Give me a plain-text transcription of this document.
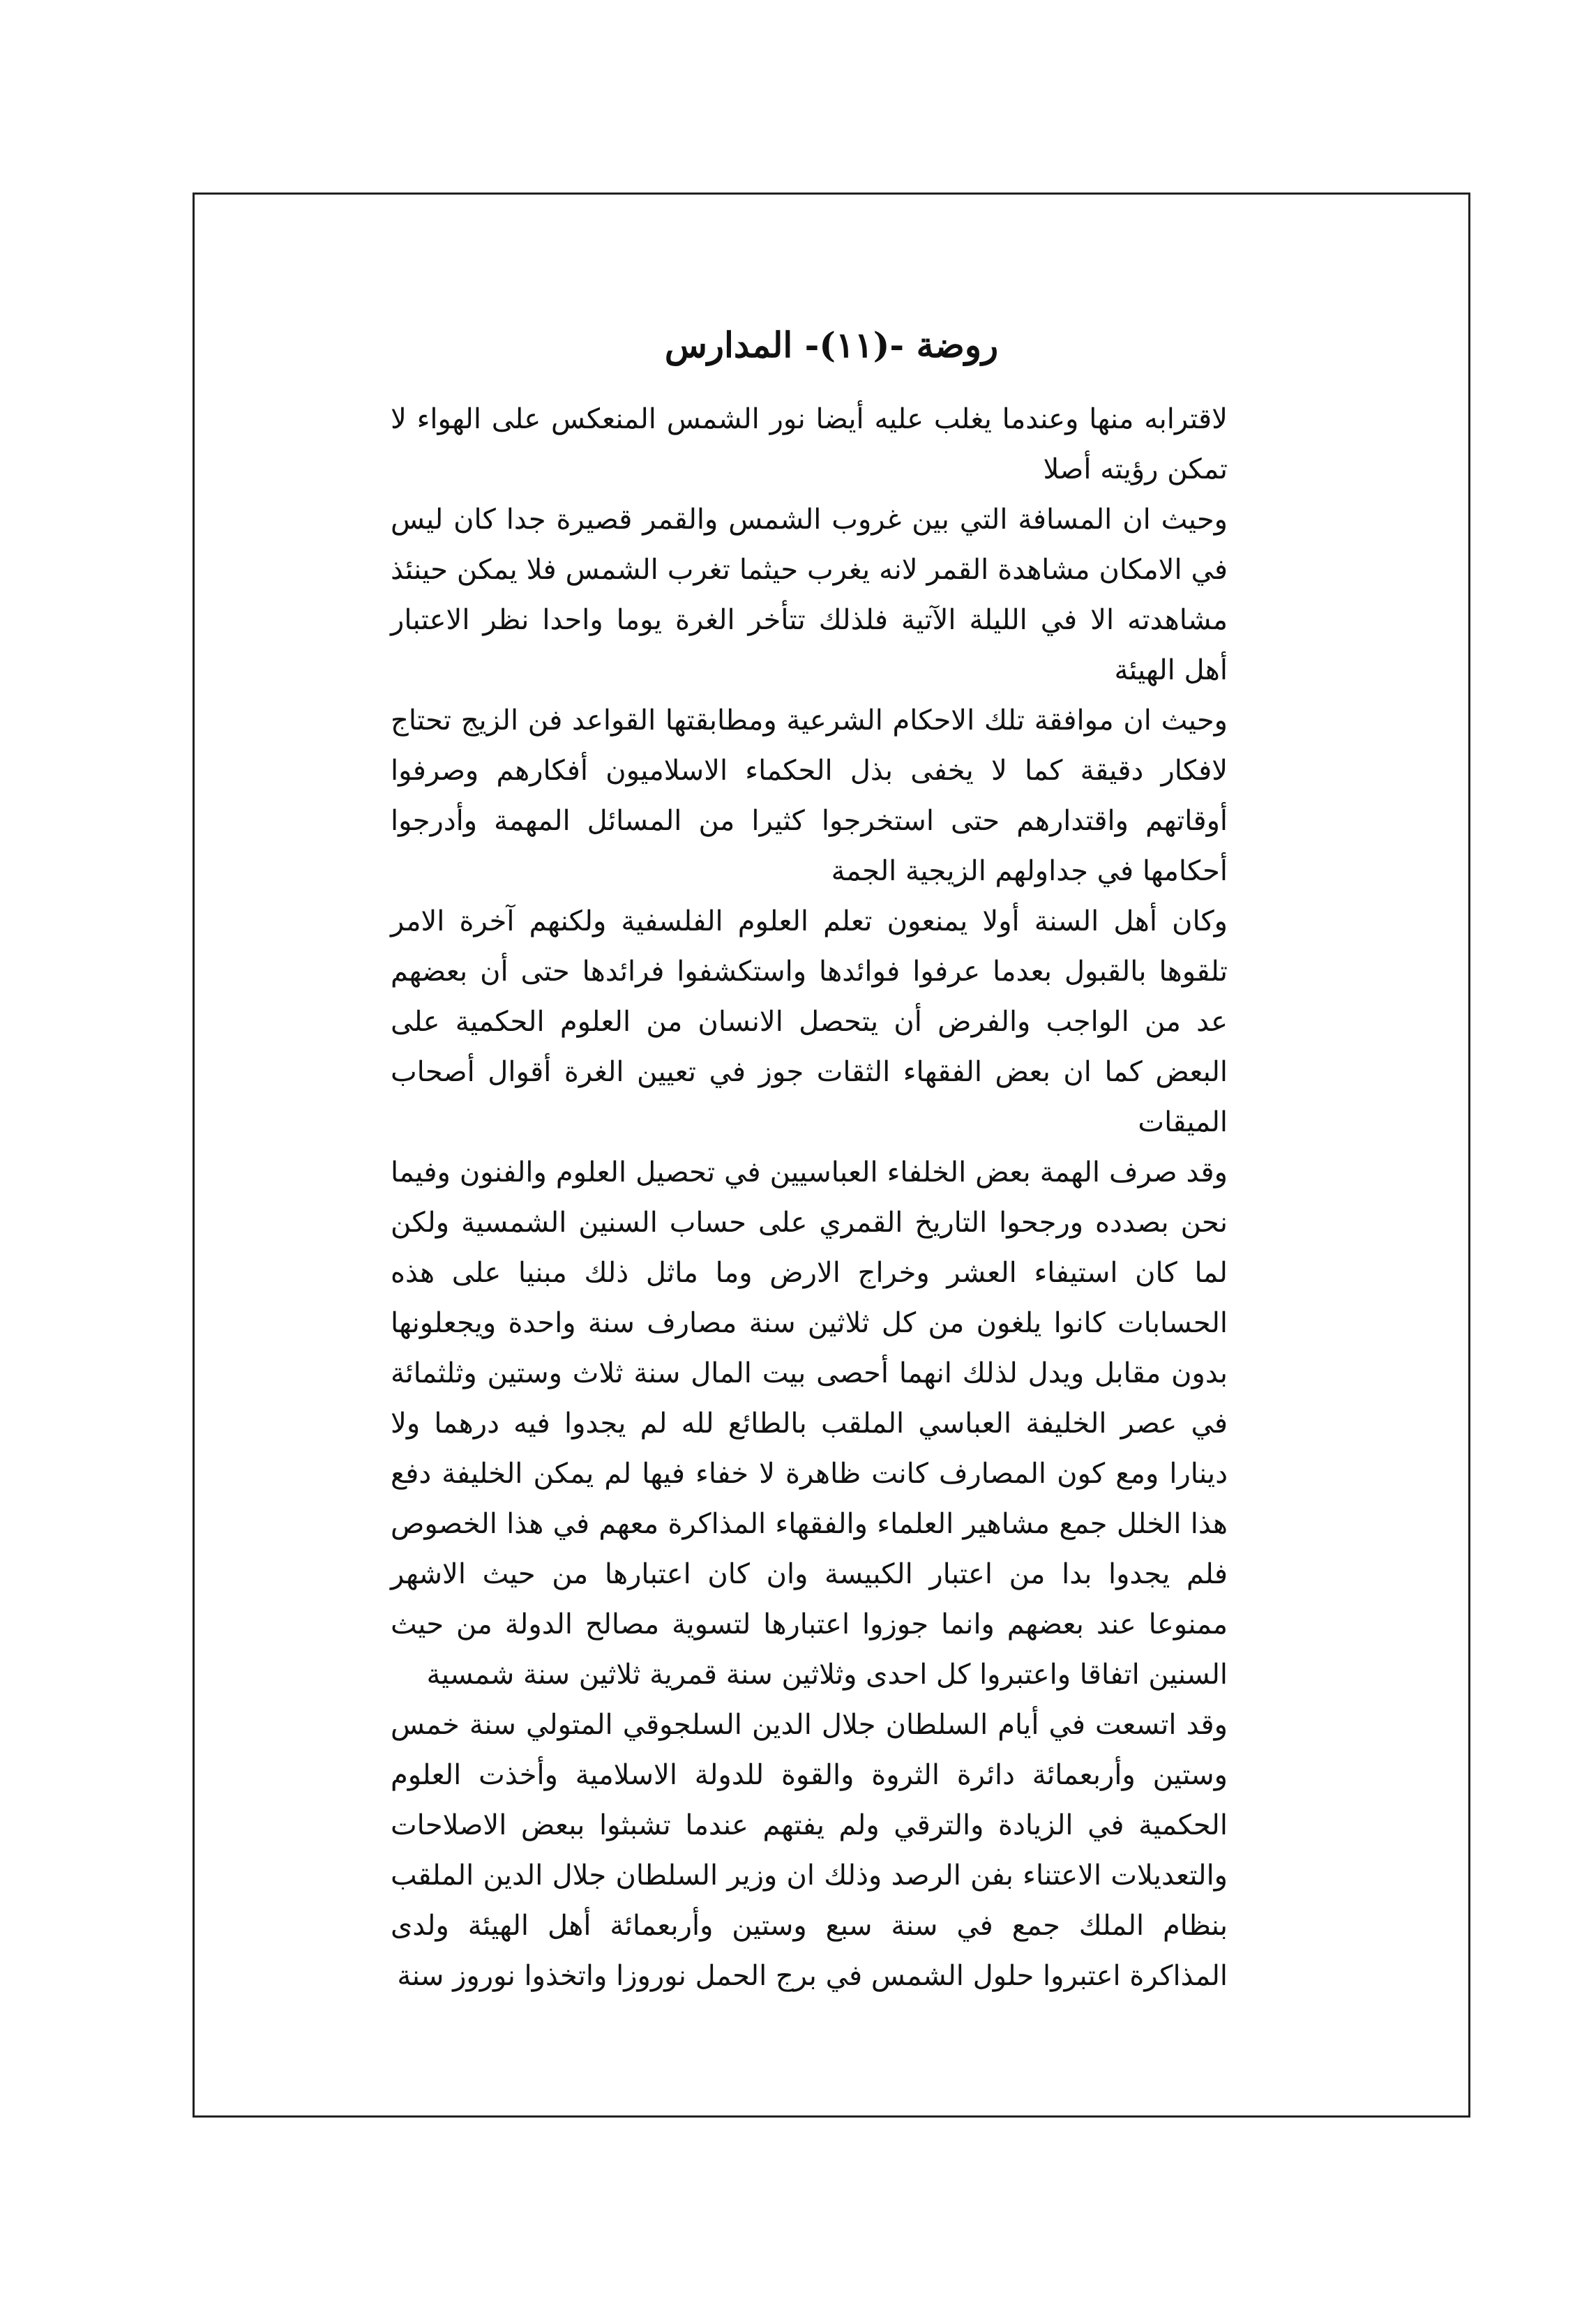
روضة -(١١)- المدارس

لاقترابه منها وعندما يغلب عليه أيضا نور الشمس المنعكس على الهواء لا تمكن رؤيته أصلا

وحيث ان المسافة التي بين غروب الشمس والقمر قصيرة جدا كان ليس في الامكان مشاهدة القمر لانه يغرب حيثما تغرب الشمس فلا يمكن حينئذ مشاهدته الا في الليلة الآتية فلذلك تتأخر الغرة يوما واحدا نظر الاعتبار أهل الهيئة

وحيث ان موافقة تلك الاحكام الشرعية ومطابقتها القواعد فن الزيج تحتاج لافكار دقيقة كما لا يخفى بذل الحكماء الاسلاميون أفكارهم وصرفوا أوقاتهم واقتدارهم حتى استخرجوا كثيرا من المسائل المهمة وأدرجوا أحكامها في جداولهم الزيجية الجمة

وكان أهل السنة أولا يمنعون تعلم العلوم الفلسفية ولكنهم آخرة الامر تلقوها بالقبول بعدما عرفوا فوائدها واستكشفوا فرائدها حتى أن بعضهم عد من الواجب والفرض أن يتحصل الانسان من العلوم الحكمية على البعض كما ان بعض الفقهاء الثقات جوز في تعيين الغرة أقوال أصحاب الميقات

وقد صرف الهمة بعض الخلفاء العباسيين في تحصيل العلوم والفنون وفيما نحن بصدده ورجحوا التاريخ القمري على حساب السنين الشمسية ولكن لما كان استيفاء العشر وخراج الارض وما ماثل ذلك مبنيا على هذه الحسابات كانوا يلغون من كل ثلاثين سنة مصارف سنة واحدة ويجعلونها بدون مقابل ويدل لذلك انهما أحصى بيت المال سنة ثلاث وستين وثلثمائة في عصر الخليفة العباسي الملقب بالطائع لله لم يجدوا فيه درهما ولا دينارا ومع كون المصارف كانت ظاهرة لا خفاء فيها لم يمكن الخليفة دفع هذا الخلل جمع مشاهير العلماء والفقهاء المذاكرة معهم في هذا الخصوص فلم يجدوا بدا من اعتبار الكبيسة وان كان اعتبارها من حيث الاشهر ممنوعا عند بعضهم وانما جوزوا اعتبارها لتسوية مصالح الدولة من حيث السنين اتفاقا واعتبروا كل احدى وثلاثين سنة قمرية ثلاثين سنة شمسية

وقد اتسعت في أيام السلطان جلال الدين السلجوقي المتولي سنة خمس وستين وأربعمائة دائرة الثروة والقوة للدولة الاسلامية وأخذت العلوم الحكمية في الزيادة والترقي ولم يفتهم عندما تشبثوا ببعض الاصلاحات والتعديلات الاعتناء بفن الرصد وذلك ان وزير السلطان جلال الدين الملقب بنظام الملك جمع في سنة سبع وستين وأربعمائة أهل الهيئة ولدى المذاكرة اعتبروا حلول الشمس في برج الحمل نوروزا واتخذوا نوروز سنة
